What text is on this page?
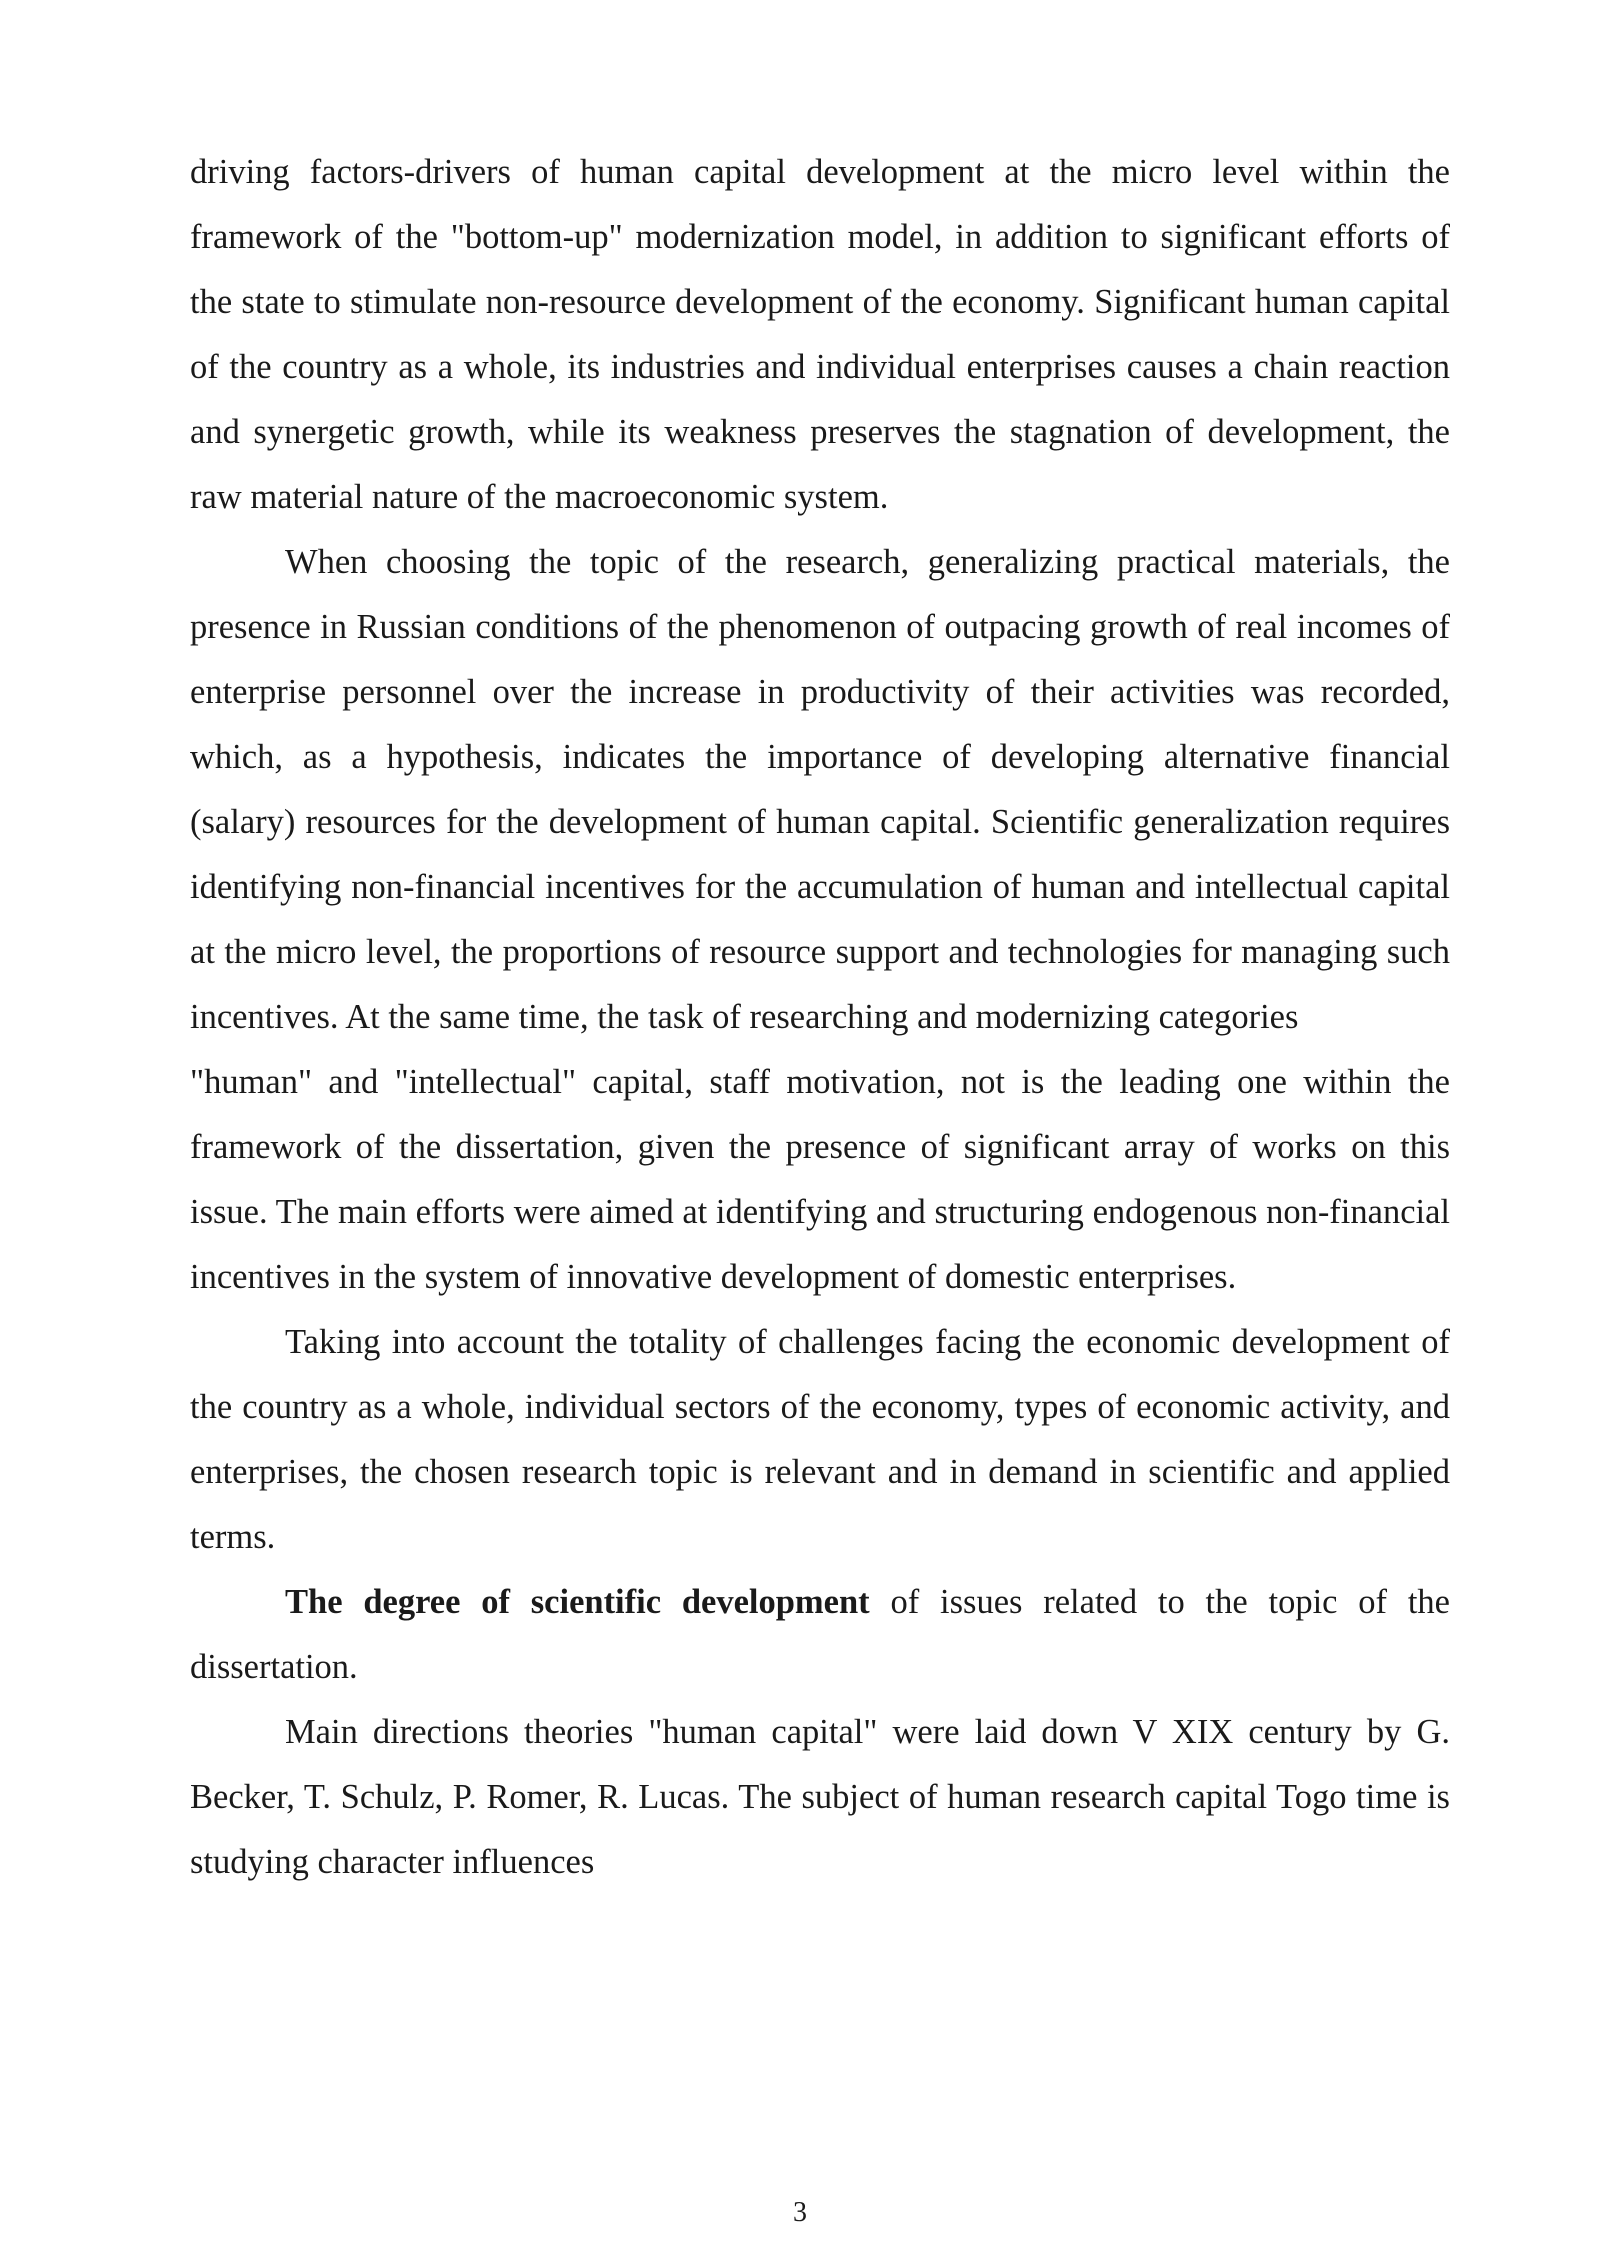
driving factors-drivers of human capital development at the micro level within the framework of the "bottom-up" modernization model, in addition to significant efforts of the state to stimulate non-resource development of the economy. Significant human capital of the country as a whole, its industries and individual enterprises causes a chain reaction and synergetic growth, while its weakness preserves the stagnation of development, the raw material nature of the macroeconomic system.

When choosing the topic of the research, generalizing practical materials, the presence in Russian conditions of the phenomenon of outpacing growth of real incomes of enterprise personnel over the increase in productivity of their activities was recorded, which, as a hypothesis, indicates the importance of developing alternative financial (salary) resources for the development of human capital. Scientific generalization requires identifying non-financial incentives for the accumulation of human and intellectual capital at the micro level, the proportions of resource support and technologies for managing such incentives. At the same time, the task of researching and modernizing categories

"human" and "intellectual" capital, staff motivation, not is the leading one within the framework of the dissertation, given the presence of significant array of works on this issue. The main efforts were aimed at identifying and structuring endogenous non-financial incentives in the system of innovative development of domestic enterprises.

Taking into account the totality of challenges facing the economic development of the country as a whole, individual sectors of the economy, types of economic activity, and enterprises, the chosen research topic is relevant and in demand in scientific and applied terms.

The degree of scientific development of issues related to the topic of the dissertation.

Main directions theories "human capital" were laid down V XIX century by G. Becker, T. Schulz, P. Romer, R. Lucas. The subject of human research capital Togo time is studying character influences

3
